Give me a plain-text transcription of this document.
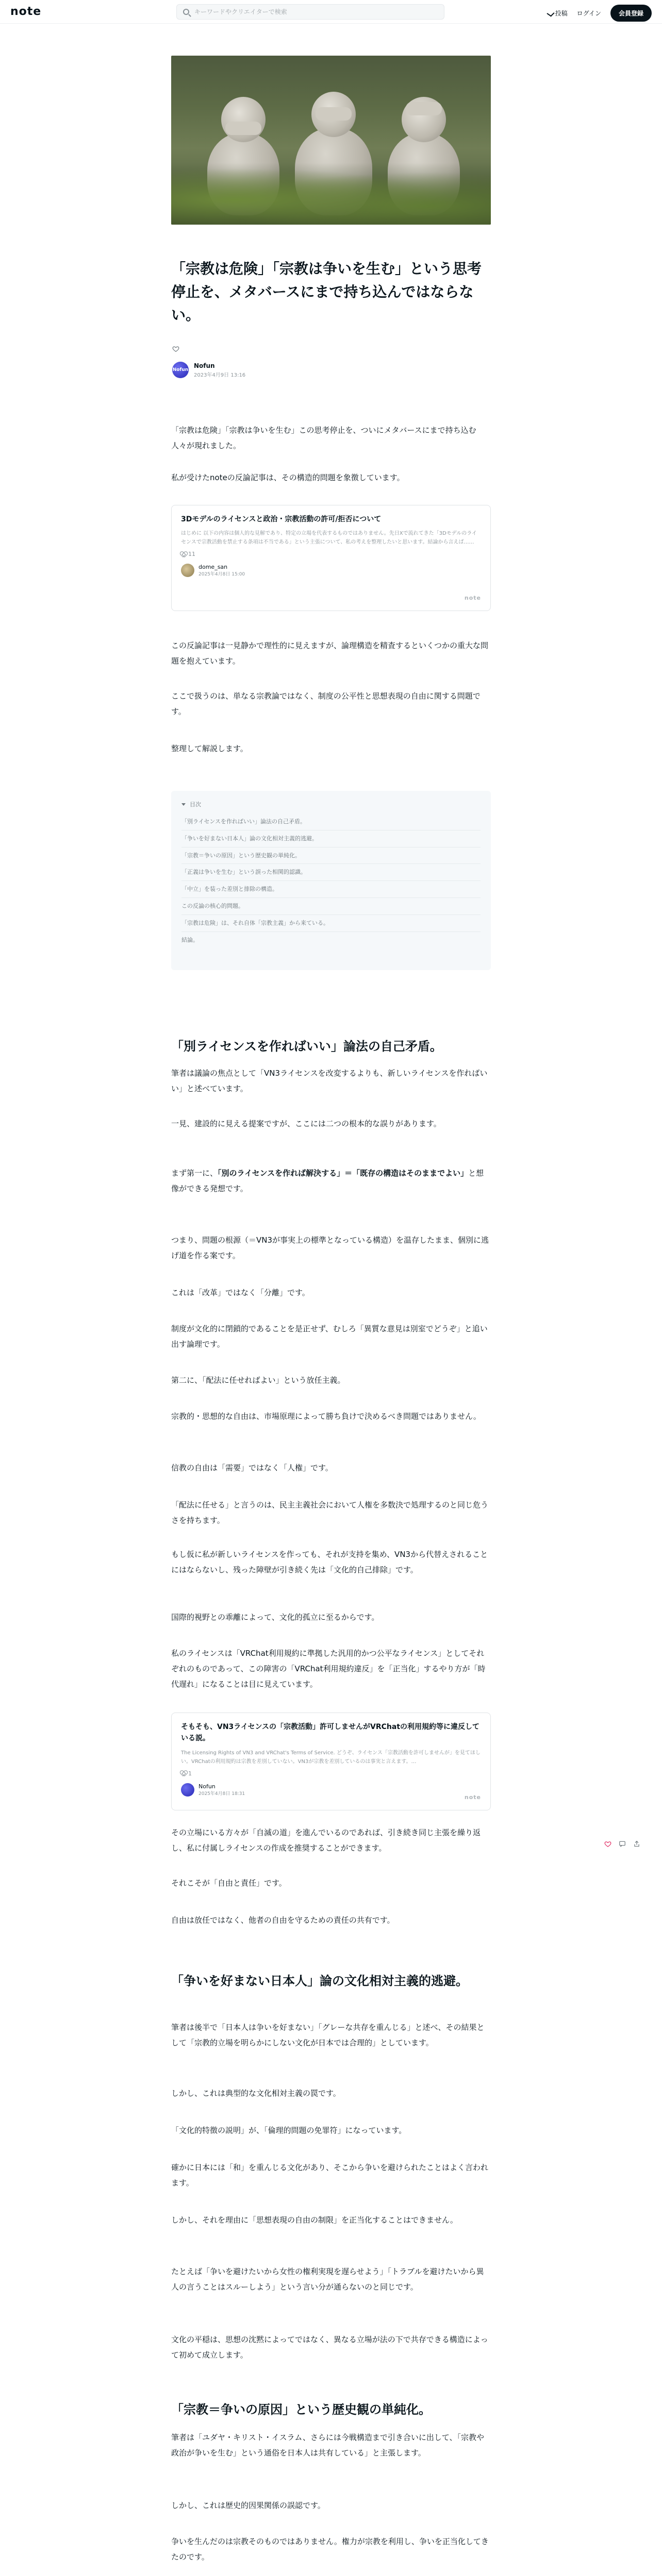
note
キーワードやクリエイターで検索	投稿 ログイン	会員登録
「宗教は危険」「宗教は争いを生む」という思考停止を、メタバースにまで持ち込んではならない。
Nofun
Nofun
2023年4月9日 13:16

「宗教は危険」「宗教は争いを生む」この思考停止を、ついにメタバースにまで持ち込む人々が現れました。

私が受けたnoteの反論記事は、その構造的問題を象徴しています。

3Dモデルのライセンスと政治・宗教活動の許可/拒否について
はじめに 以下の内容は個人的な見解であり、特定の立場を代表するものではありません。先日Xで流れてきた「3Dモデルのライセンスで宗教活動を禁止する条項は不当である」という主張について、私の考えを整理したいと思います。結論から言えば……
11
dome_san
2025年4月8日 15:00
note

この反論記事は一見静かで理性的に見えますが、論理構造を精査するといくつかの重大な問題を抱えています。

ここで扱うのは、単なる宗教論ではなく、制度の公平性と思想表現の自由に関する問題です。

整理して解説します。

目次
「別ライセンスを作ればいい」論法の自己矛盾。
「争いを好まない日本人」論の文化相対主義的逃避。
「宗教＝争いの原因」という歴史観の単純化。
「正義は争いを生む」という誤った相関的認識。
「中立」を装った差別と排除の構造。
この反論の核心的問題。
「宗教は危険」は、それ自体「宗教主義」から来ている。
結論。
「別ライセンスを作ればいい」論法の自己矛盾。

筆者は議論の焦点として「VN3ライセンスを改変するよりも、新しいライセンスを作ればいい」と述べています。

一見、建設的に見える提案ですが、ここには二つの根本的な誤りがあります。

まず第一に、「別のライセンスを作れば解決する」＝「既存の構造はそのままでよい」と想像ができる発想です。

つまり、問題の根源（＝VN3が事実上の標準となっている構造）を温存したまま、個別に逃げ道を作る案です。

これは「改革」ではなく「分離」です。

制度が文化的に閉鎖的であることを是正せず、むしろ「異質な意見は別室でどうぞ」と追い出す論理です。

第二に、「配法に任せればよい」という放任主義。

宗教的・思想的な自由は、市場原理によって勝ち負けで決めるべき問題ではありません。

信教の自由は「需要」ではなく「人権」です。

「配法に任せる」と言うのは、民主主義社会において人権を多数決で処理するのと同じ危うさを持ちます。

もし仮に私が新しいライセンスを作っても、それが支持を集め、VN3から代替えされることにはならないし、残った障壁が引き続く先は「文化的自己排除」です。

国際的視野との乖離によって、文化的孤立に至るからです。

私のライセンスは「VRChat利用規約に準拠した汎用的かつ公平なライセンス」としてそれぞれのものであって、この障害の「VRChat利用規約違反」を「正当化」するやり方が「時代遅れ」になることは目に見えています。

そもそも、VN3ライセンスの「宗教活動」許可しませんがVRChatの利用規約等に違反している説。
The Licensing Rights of VN3 and VRChat's Terms of Service. どうぞ、ライセンス「宗教活動を許可しませんが」を見てほしい。VRChatの利用規約は宗教を差別していない。VN3が宗教を差別しているのは事実と言えます。…
1
Nofun
2025年4月8日 18:31
note

その立場にいる方々が「自滅の道」を進んでいるのであれば、引き続き同じ主張を繰り返し、私に付属しライセンスの作成を推奨することができます。

それこそが「自由と責任」です。

自由は放任ではなく、他者の自由を守るための責任の共有です。

「争いを好まない日本人」論の文化相対主義的逃避。

筆者は後半で「日本人は争いを好まない」「グレーな共存を重んじる」と述べ、その結果として「宗教的立場を明らかにしない文化が日本では合理的」としています。

しかし、これは典型的な文化相対主義の罠です。

「文化的特徴の説明」が、「倫理的問題の免罪符」になっています。

確かに日本には「和」を重んじる文化があり、そこから争いを避けられたことはよく言われます。

しかし、それを理由に「思想表現の自由の制限」を正当化することはできません。

たとえば「争いを避けたいから女性の権利実現を遅らせよう」「トラブルを避けたいから異人の言うことはスルーしよう」という言い分が通らないのと同じです。

文化の平穏は、思想の沈黙によってではなく、異なる立場が法の下で共存できる構造によって初めて成立します。

「宗教＝争いの原因」という歴史観の単純化。

筆者は「ユダヤ・キリスト・イスラム、さらには今戦構造まで引き合いに出して、「宗教や政治が争いを生む」という通俗を日本人は共有している」と主張します。

しかし、これは歴史的因果関係の誤認です。

争いを生んだのは宗教そのものではありません。権力が宗教を利用し、争いを正当化してきたのです。
